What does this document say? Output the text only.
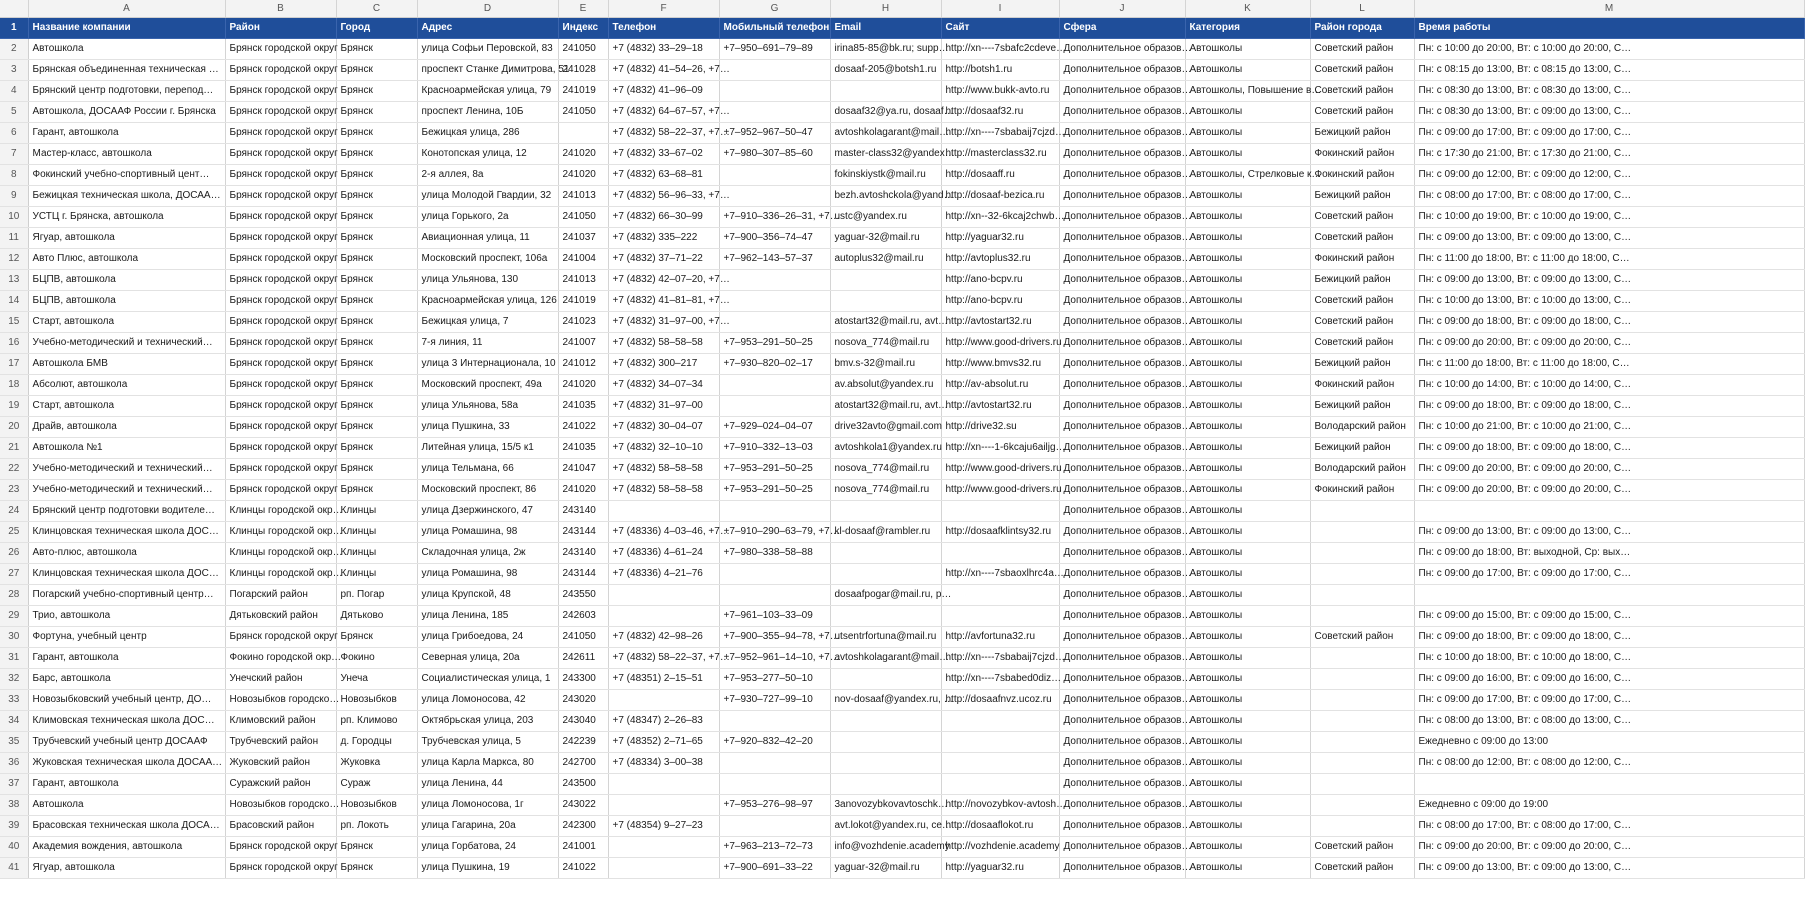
	A	B	C	D	E	F	G	H	I	J	K	L	M
1	Название компании	Район	Город	Адрес	Индекс	Телефон	Мобильный телефон	Email	Сайт	Сфера	Категория	Район города	Время работы
2	Автошкола	Брянск городской округ	Брянск	улица Софьи Перовской, 83	241050	+7 (4832) 33–29–18	+7–950–691–79–89	irina85-85@bk.ru; supp…	http://xn----7sbafc2cdeve…	Дополнительное образов…	Автошколы	Советский район	Пн: с 10:00 до 20:00, Вт: с 10:00 до 20:00, С…
3	Брянская объединенная техническая …	Брянск городской округ	Брянск	проспект Станке Димитрова, 51	241028	+7 (4832) 41–54–26, +7…		dosaaf-205@botsh1.ru	http://botsh1.ru	Дополнительное образов…	Автошколы	Советский район	Пн: с 08:15 до 13:00, Вт: с 08:15 до 13:00, С…
4	Брянский центр подготовки, перепод…	Брянск городской округ	Брянск	Красноармейская улица, 79	241019	+7 (4832) 41–96–09			http://www.bukk-avto.ru	Дополнительное образов…	Автошколы, Повышение в…	Советский район	Пн: с 08:30 до 13:00, Вт: с 08:30 до 13:00, С…
5	Автошкола, ДОСААФ России г. Брянска	Брянск городской округ	Брянск	проспект Ленина, 10Б	241050	+7 (4832) 64–67–57, +7…		dosaaf32@ya.ru, dosaaf…	http://dosaaf32.ru	Дополнительное образов…	Автошколы	Советский район	Пн: с 08:30 до 13:00, Вт: с 09:00 до 13:00, С…
6	Гарант, автошкола	Брянск городской округ	Брянск	Бежицкая улица, 286		+7 (4832) 58–22–37, +7…	+7–952–967–50–47	avtoshkolagarant@mail…	http://xn----7sbabaij7cjzd…	Дополнительное образов…	Автошколы	Бежицкий район	Пн: с 09:00 до 17:00, Вт: с 09:00 до 17:00, С…
7	Мастер-класс, автошкола	Брянск городской округ	Брянск	Конотопская улица, 12	241020	+7 (4832) 33–67–02	+7–980–307–85–60	master-class32@yandex…	http://masterclass32.ru	Дополнительное образов…	Автошколы	Фокинский район	Пн: с 17:30 до 21:00, Вт: с 17:30 до 21:00, С…
8	Фокинский учебно-спортивный цент…	Брянск городской округ	Брянск	2-я аллея, 8а	241020	+7 (4832) 63–68–81		fokinskiystk@mail.ru	http://dosaaff.ru	Дополнительное образов…	Автошколы, Стрелковые к…	Фокинский район	Пн: с 09:00 до 12:00, Вт: с 09:00 до 12:00, С…
9	Бежицкая техническая школа, ДОСАА…	Брянск городской округ	Брянск	улица Молодой Гвардии, 32	241013	+7 (4832) 56–96–33, +7…		bezh.avtoshckola@yand…	http://dosaaf-bezica.ru	Дополнительное образов…	Автошколы	Бежицкий район	Пн: с 08:00 до 17:00, Вт: с 08:00 до 17:00, С…
10	УСТЦ г. Брянска, автошкола	Брянск городской округ	Брянск	улица Горького, 2а	241050	+7 (4832) 66–30–99	+7–910–336–26–31, +7…	ustc@yandex.ru	http://xn--32-6kcaj2chwb…	Дополнительное образов…	Автошколы	Советский район	Пн: с 10:00 до 19:00, Вт: с 10:00 до 19:00, С…
11	Ягуар, автошкола	Брянск городской округ	Брянск	Авиационная улица, 11	241037	+7 (4832) 335–222	+7–900–356–74–47	yaguar-32@mail.ru	http://yaguar32.ru	Дополнительное образов…	Автошколы	Советский район	Пн: с 09:00 до 13:00, Вт: с 09:00 до 13:00, С…
12	Авто Плюс, автошкола	Брянск городской округ	Брянск	Московский проспект, 106а	241004	+7 (4832) 37–71–22	+7–962–143–57–37	autoplus32@mail.ru	http://avtoplus32.ru	Дополнительное образов…	Автошколы	Фокинский район	Пн: с 11:00 до 18:00, Вт: с 11:00 до 18:00, С…
13	БЦПВ, автошкола	Брянск городской округ	Брянск	улица Ульянова, 130	241013	+7 (4832) 42–07–20, +7…			http://ano-bcpv.ru	Дополнительное образов…	Автошколы	Бежицкий район	Пн: с 09:00 до 13:00, Вт: с 09:00 до 13:00, С…
14	БЦПВ, автошкола	Брянск городской округ	Брянск	Красноармейская улица, 126	241019	+7 (4832) 41–81–81, +7…			http://ano-bcpv.ru	Дополнительное образов…	Автошколы	Советский район	Пн: с 10:00 до 13:00, Вт: с 10:00 до 13:00, С…
15	Старт, автошкола	Брянск городской округ	Брянск	Бежицкая улица, 7	241023	+7 (4832) 31–97–00, +7…		atostart32@mail.ru, avt…	http://avtostart32.ru	Дополнительное образов…	Автошколы	Советский район	Пн: с 09:00 до 18:00, Вт: с 09:00 до 18:00, С…
16	Учебно-методический и технический…	Брянск городской округ	Брянск	7-я линия, 11	241007	+7 (4832) 58–58–58	+7–953–291–50–25	nosova_774@mail.ru	http://www.good-drivers.ru	Дополнительное образов…	Автошколы	Советский район	Пн: с 09:00 до 20:00, Вт: с 09:00 до 20:00, С…
17	Автошкола БМВ	Брянск городской округ	Брянск	улица 3 Интернационала, 10	241012	+7 (4832) 300–217	+7–930–820–02–17	bmv.s-32@mail.ru	http://www.bmvs32.ru	Дополнительное образов…	Автошколы	Бежицкий район	Пн: с 11:00 до 18:00, Вт: с 11:00 до 18:00, С…
18	Абсолют, автошкола	Брянск городской округ	Брянск	Московский проспект, 49а	241020	+7 (4832) 34–07–34		av.absolut@yandex.ru	http://av-absolut.ru	Дополнительное образов…	Автошколы	Фокинский район	Пн: с 10:00 до 14:00, Вт: с 10:00 до 14:00, С…
19	Старт, автошкола	Брянск городской округ	Брянск	улица Ульянова, 58а	241035	+7 (4832) 31–97–00		atostart32@mail.ru, avt…	http://avtostart32.ru	Дополнительное образов…	Автошколы	Бежицкий район	Пн: с 09:00 до 18:00, Вт: с 09:00 до 18:00, С…
20	Драйв, автошкола	Брянск городской округ	Брянск	улица Пушкина, 33	241022	+7 (4832) 30–04–07	+7–929–024–04–07	drive32avto@gmail.com	http://drive32.su	Дополнительное образов…	Автошколы	Володарский район	Пн: с 10:00 до 21:00, Вт: с 10:00 до 21:00, С…
21	Автошкола №1	Брянск городской округ	Брянск	Литейная улица, 15/5 к1	241035	+7 (4832) 32–10–10	+7–910–332–13–03	avtoshkola1@yandex.ru	http://xn----1-6kcaju6ailjg…	Дополнительное образов…	Автошколы	Бежицкий район	Пн: с 09:00 до 18:00, Вт: с 09:00 до 18:00, С…
22	Учебно-методический и технический…	Брянск городской округ	Брянск	улица Тельмана, 66	241047	+7 (4832) 58–58–58	+7–953–291–50–25	nosova_774@mail.ru	http://www.good-drivers.ru	Дополнительное образов…	Автошколы	Володарский район	Пн: с 09:00 до 20:00, Вт: с 09:00 до 20:00, С…
23	Учебно-методический и технический…	Брянск городской округ	Брянск	Московский проспект, 86	241020	+7 (4832) 58–58–58	+7–953–291–50–25	nosova_774@mail.ru	http://www.good-drivers.ru	Дополнительное образов…	Автошколы	Фокинский район	Пн: с 09:00 до 20:00, Вт: с 09:00 до 20:00, С…
24	Брянский центр подготовки водителе…	Клинцы городской окр…	Клинцы	улица Дзержинского, 47	243140					Дополнительное образов…	Автошколы		
25	Клинцовская техническая школа ДОС…	Клинцы городской окр…	Клинцы	улица Ромашина, 98	243144	+7 (48336) 4–03–46, +7…	+7–910–290–63–79, +7…	kl-dosaaf@rambler.ru	http://dosaafklintsy32.ru	Дополнительное образов…	Автошколы		Пн: с 09:00 до 13:00, Вт: с 09:00 до 13:00, С…
26	Авто-плюс, автошкола	Клинцы городской окр…	Клинцы	Складочная улица, 2ж	243140	+7 (48336) 4–61–24	+7–980–338–58–88			Дополнительное образов…	Автошколы		Пн: с 09:00 до 18:00, Вт: выходной, Ср: вых…
27	Клинцовская техническая школа ДОС…	Клинцы городской окр…	Клинцы	улица Ромашина, 98	243144	+7 (48336) 4–21–76			http://xn----7sbaoxlhrc4a…	Дополнительное образов…	Автошколы		Пн: с 09:00 до 17:00, Вт: с 09:00 до 17:00, С…
28	Погарский учебно-спортивный центр…	Погарский район	рп. Погар	улица Крупской, 48	243550			dosaafpogar@mail.ru, p…		Дополнительное образов…	Автошколы		
29	Трио, автошкола	Дятьковский район	Дятьково	улица Ленина, 185	242603		+7–961–103–33–09			Дополнительное образов…	Автошколы		Пн: с 09:00 до 15:00, Вт: с 09:00 до 15:00, С…
30	Фортуна, учебный центр	Брянск городской округ	Брянск	улица Грибоедова, 24	241050	+7 (4832) 42–98–26	+7–900–355–94–78, +7…	utsentrfortuna@mail.ru	http://avfortuna32.ru	Дополнительное образов…	Автошколы	Советский район	Пн: с 09:00 до 18:00, Вт: с 09:00 до 18:00, С…
31	Гарант, автошкола	Фокино городской окр…	Фокино	Северная улица, 20а	242611	+7 (4832) 58–22–37, +7…	+7–952–961–14–10, +7…	avtoshkolagarant@mail…	http://xn----7sbabaij7cjzd…	Дополнительное образов…	Автошколы		Пн: с 10:00 до 18:00, Вт: с 10:00 до 18:00, С…
32	Барс, автошкола	Унечский район	Унеча	Социалистическая улица, 1	243300	+7 (48351) 2–15–51	+7–953–277–50–10		http://xn----7sbabed0diz…	Дополнительное образов…	Автошколы		Пн: с 09:00 до 16:00, Вт: с 09:00 до 16:00, С…
33	Новозыбковский учебный центр, ДО…	Новозыбков городско…	Новозыбков	улица Ломоносова, 42	243020		+7–930–727–99–10	nov-dosaaf@yandex.ru, …	http://dosaafnvz.ucoz.ru	Дополнительное образов…	Автошколы		Пн: с 09:00 до 17:00, Вт: с 09:00 до 17:00, С…
34	Климовская техническая школа ДОС…	Климовский район	рп. Климово	Октябрьская улица, 203	243040	+7 (48347) 2–26–83				Дополнительное образов…	Автошколы		Пн: с 08:00 до 13:00, Вт: с 08:00 до 13:00, С…
35	Трубчевский учебный центр ДОСААФ	Трубчевский район	д. Городцы	Трубчевская улица, 5	242239	+7 (48352) 2–71–65	+7–920–832–42–20			Дополнительное образов…	Автошколы		Ежедневно с 09:00 до 13:00
36	Жуковская техническая школа ДОСАА…	Жуковский район	Жуковка	улица Карла Маркса, 80	242700	+7 (48334) 3–00–38				Дополнительное образов…	Автошколы		Пн: с 08:00 до 12:00, Вт: с 08:00 до 12:00, С…
37	Гарант, автошкола	Суражский район	Сураж	улица Ленина, 44	243500					Дополнительное образов…	Автошколы		
38	Автошкола	Новозыбков городско…	Новозыбков	улица Ломоносова, 1г	243022		+7–953–276–98–97	3anovozybkovavtoschk…	http://novozybkov-avtosh…	Дополнительное образов…	Автошколы		Ежедневно с 09:00 до 19:00
39	Брасовская техническая школа ДОСА…	Брасовский район	рп. Локоть	улица Гагарина, 20а	242300	+7 (48354) 9–27–23		avt.lokot@yandex.ru, ce…	http://dosaaflokot.ru	Дополнительное образов…	Автошколы		Пн: с 08:00 до 17:00, Вт: с 08:00 до 17:00, С…
40	Академия вождения, автошкола	Брянск городской округ	Брянск	улица Горбатова, 24	241001		+7–963–213–72–73	info@vozhdenie.academy	http://vozhdenie.academy	Дополнительное образов…	Автошколы	Советский район	Пн: с 09:00 до 20:00, Вт: с 09:00 до 20:00, С…
41	Ягуар, автошкола	Брянск городской округ	Брянск	улица Пушкина, 19	241022		+7–900–691–33–22	yaguar-32@mail.ru	http://yaguar32.ru	Дополнительное образов…	Автошколы	Советский район	Пн: с 09:00 до 13:00, Вт: с 09:00 до 13:00, С…
